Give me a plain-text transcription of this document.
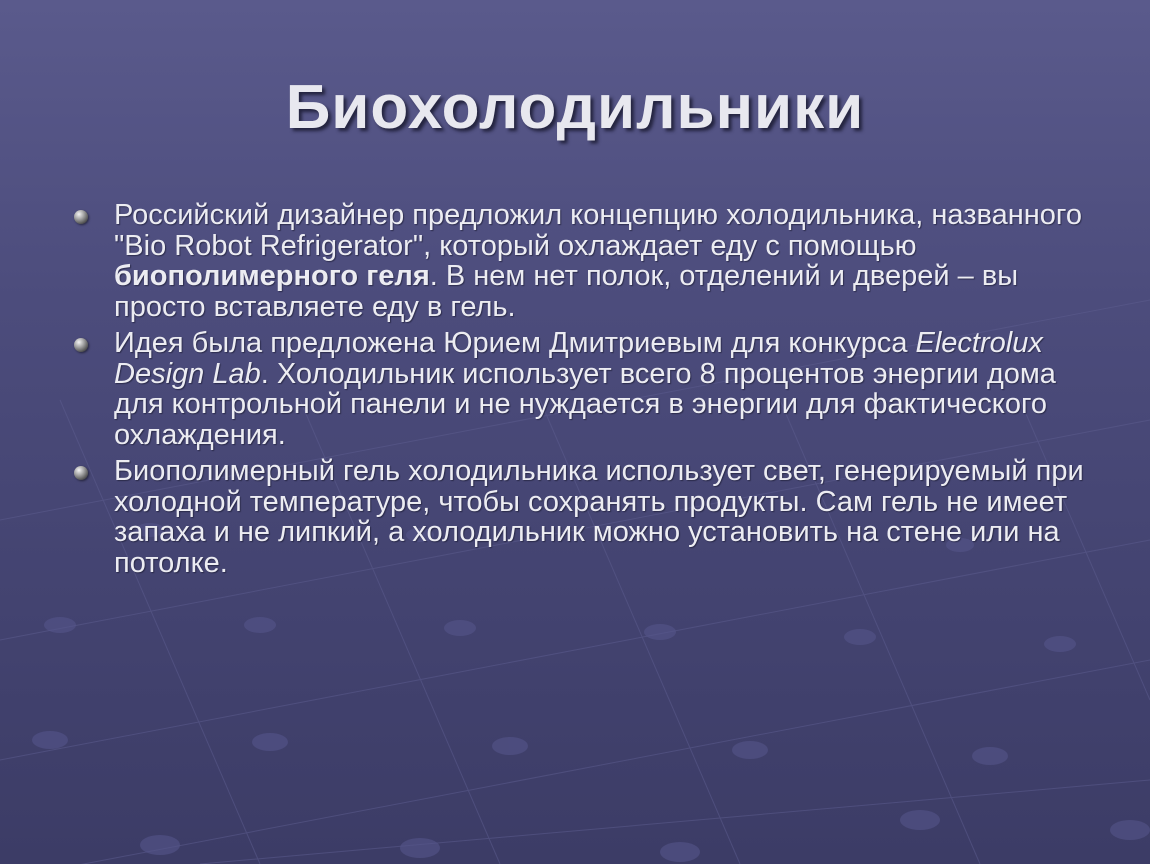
Биохолодильники
Российский дизайнер предложил концепцию холодильника, названного "Bio Robot Refrigerator", который охлаждает еду с помощью биополимерного геля. В нем нет полок, отделений и дверей – вы просто вставляете еду в гель.
Идея была предложена Юрием Дмитриевым для конкурса Electrolux Design Lab. Холодильник использует всего 8 процентов энергии дома для контрольной панели и не нуждается в энергии для фактического охлаждения.
Биополимерный гель холодильника использует свет, генерируемый при холодной температуре, чтобы сохранять продукты. Сам гель не имеет запаха и не липкий, а холодильник можно установить на стене или на потолке.
